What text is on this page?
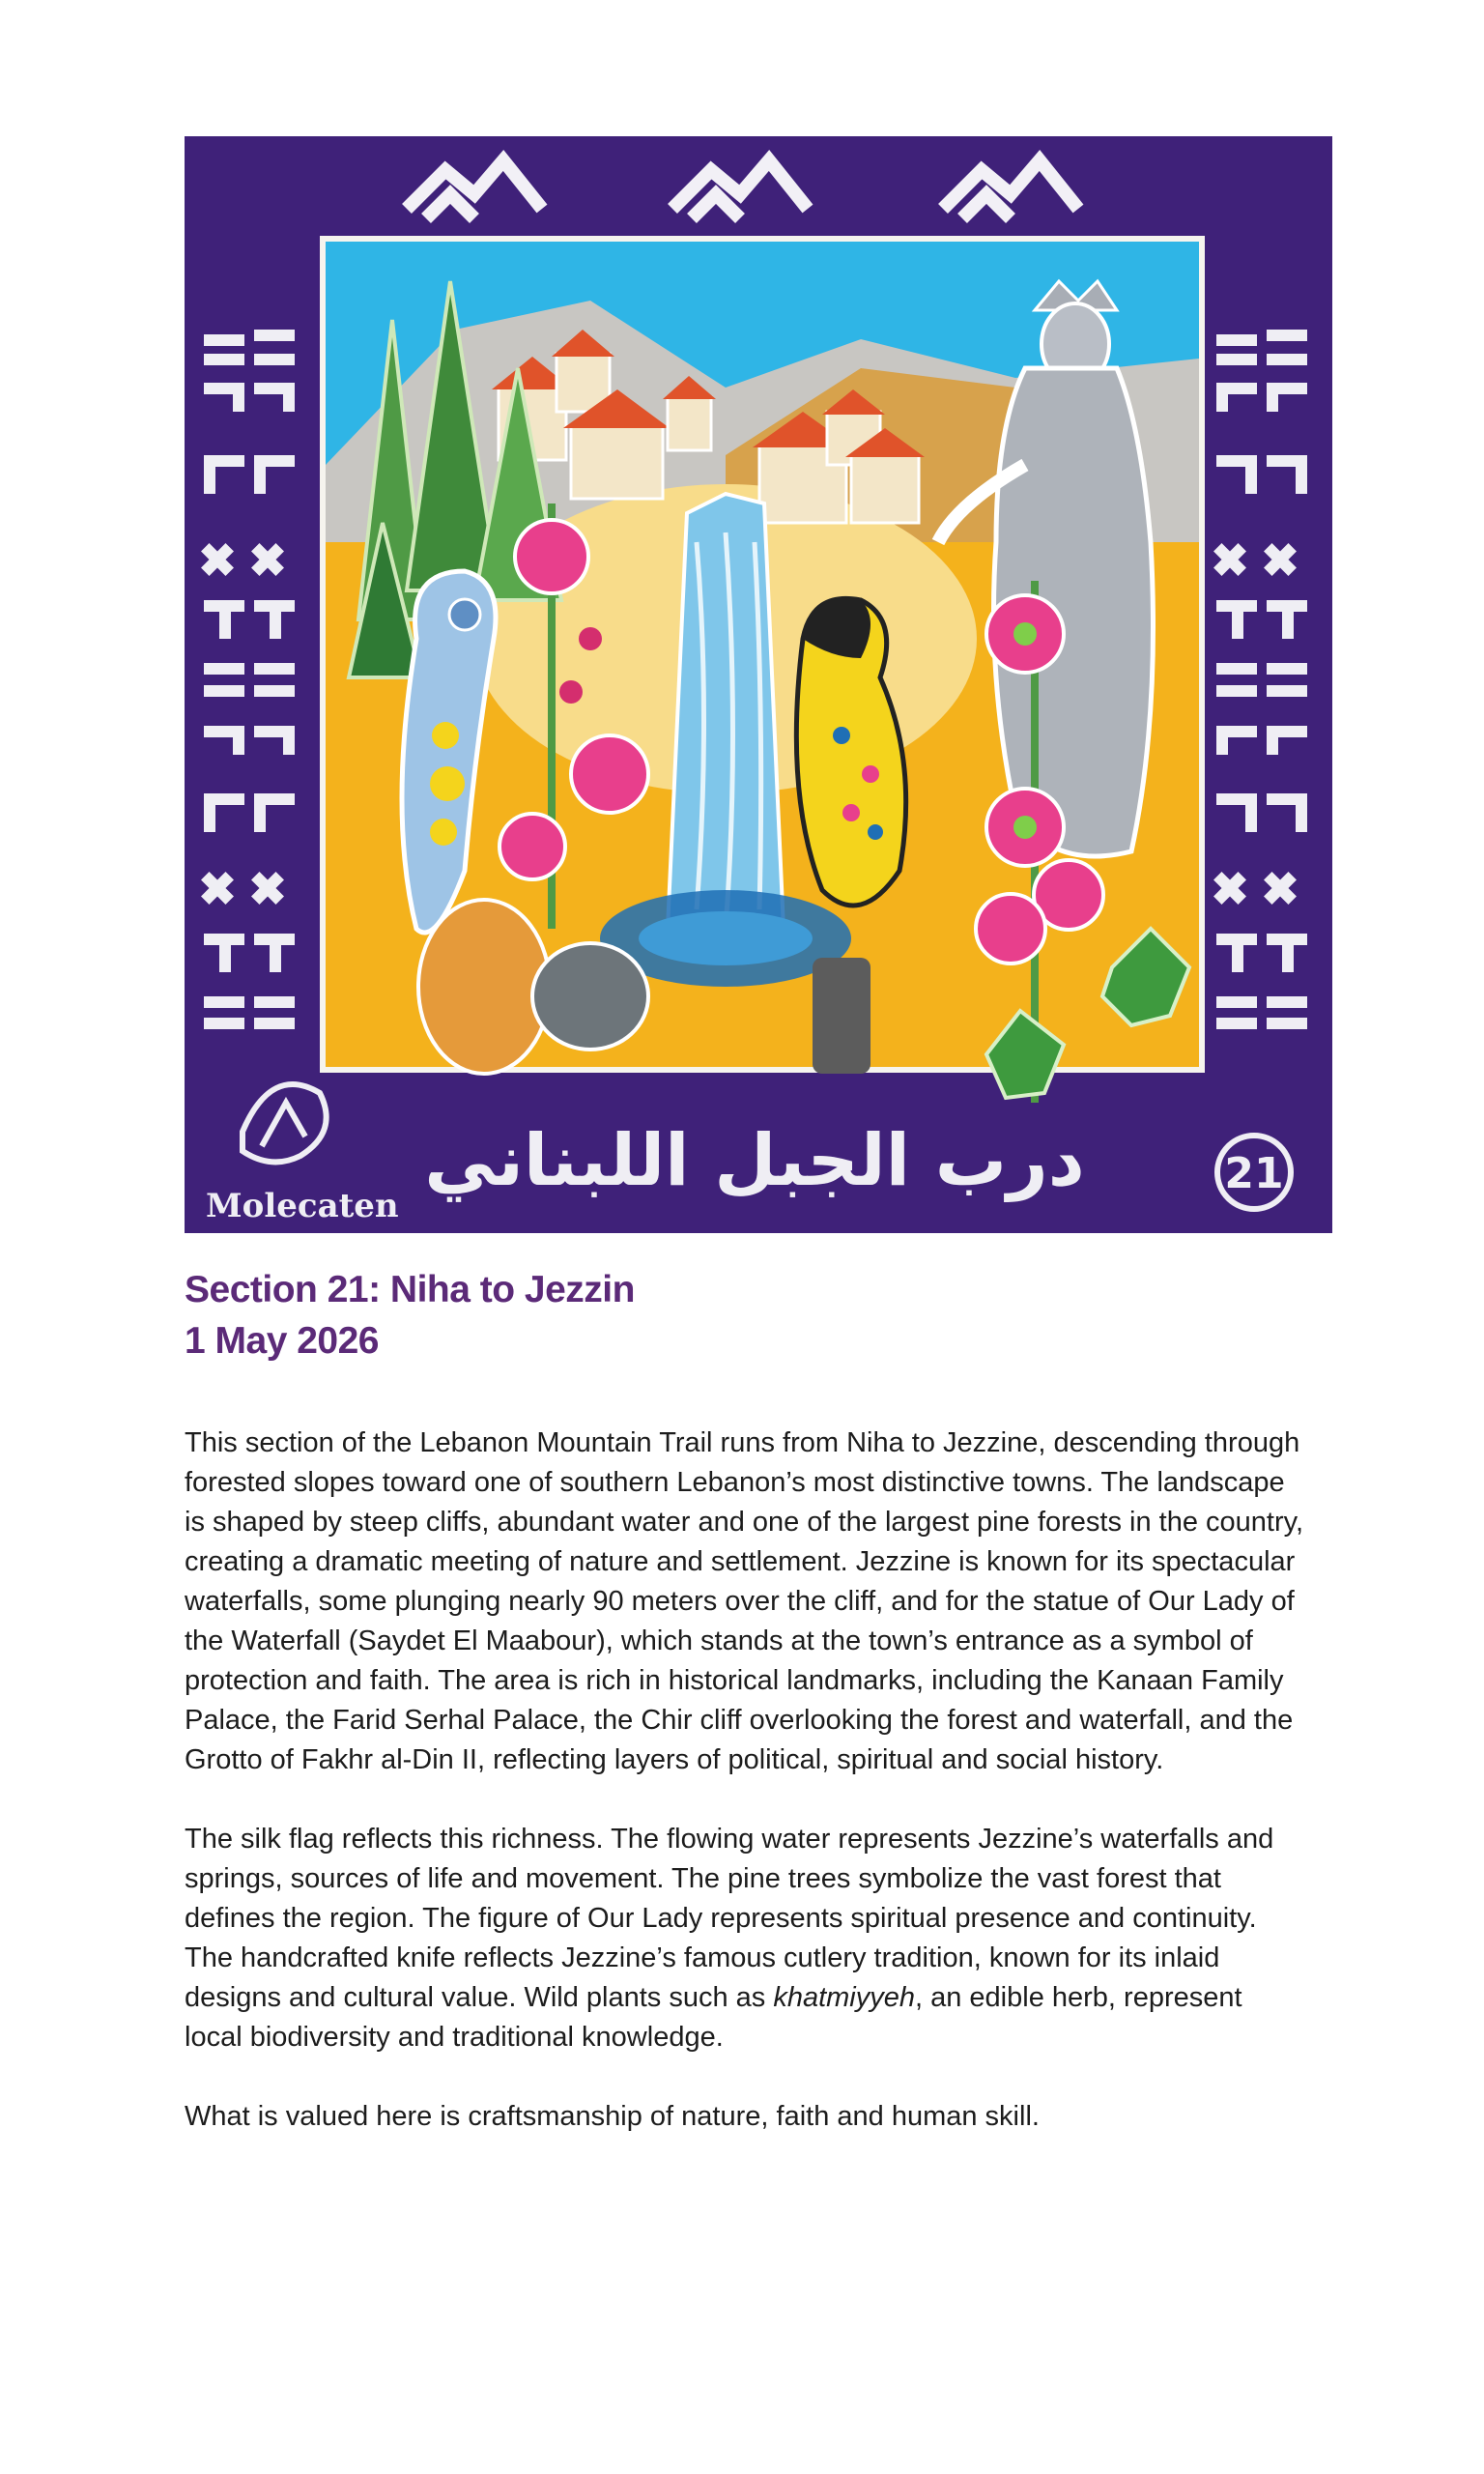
درب الجبل اللبناني
Molecaten
21
Section 21: Niha to Jezzin
1 May 2026

This section of the Lebanon Mountain Trail runs from Niha to Jezzine, descending through forested slopes toward one of southern Lebanon’s most distinctive towns. The landscape is shaped by steep cliffs, abundant water and one of the largest pine forests in the country, creating a dramatic meeting of nature and settlement. Jezzine is known for its spectacular waterfalls, some plunging nearly 90 meters over the cliff, and for the statue of Our Lady of the Waterfall (Saydet El Maabour), which stands at the town’s entrance as a symbol of protection and faith. The area is rich in historical landmarks, including the Kanaan Family Palace, the Farid Serhal Palace, the Chir cliff overlooking the forest and waterfall, and the Grotto of Fakhr al-Din II, reflecting layers of political, spiritual and social history.

The silk flag reflects this richness. The flowing water represents Jezzine’s waterfalls and springs, sources of life and movement. The pine trees symbolize the vast forest that defines the region. The figure of Our Lady represents spiritual presence and continuity. The handcrafted knife reflects Jezzine’s famous cutlery tradition, known for its inlaid designs and cultural value. Wild plants such as khatmiyyeh, an edible herb, represent local biodiversity and traditional knowledge.

What is valued here is craftsmanship of nature, faith and human skill.
